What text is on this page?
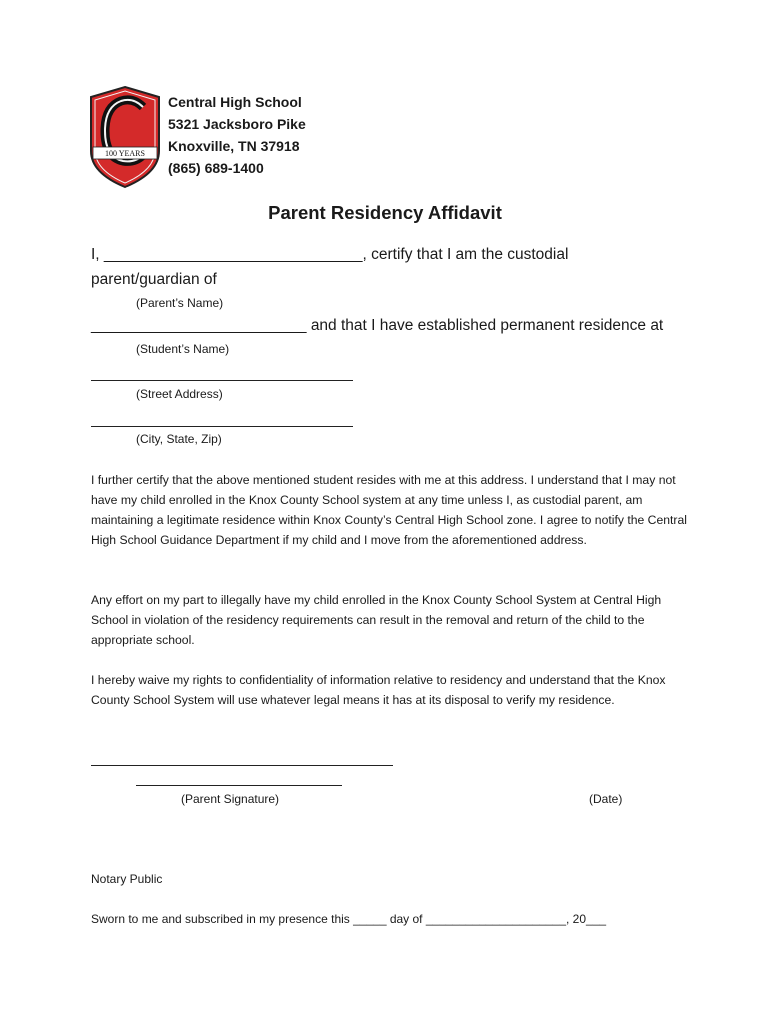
100 YEARS
Central High School
5321 Jacksboro Pike
Knoxville, TN 37918
(865) 689-1400
Parent Residency Affidavit
I, ______________________________, certify that I am the custodial
parent/guardian of
(Parent’s Name)
_________________________ and that I have established permanent residence at
(Student’s Name)
(Street Address)
(City, State, Zip)

I further certify that the above mentioned student resides with me at this address. I understand that I may not have my child enrolled in the Knox County School system at any time unless I, as custodial parent, am maintaining a legitimate residence within Knox County’s Central High School zone. I agree to notify the Central High School Guidance Department if my child and I move from the aforementioned address.

Any effort on my part to illegally have my child enrolled in the Knox County School System at Central High School in violation of the residency requirements can result in the removal and return of the child to the appropriate school.

I hereby waive my rights to confidentiality of information relative to residency and understand that the Knox County School System will use whatever legal means it has at its disposal to verify my residence.

(Parent Signature)	(Date)
Notary Public
Sworn to me and subscribed in my presence this _____ day of _____________________, 20___
